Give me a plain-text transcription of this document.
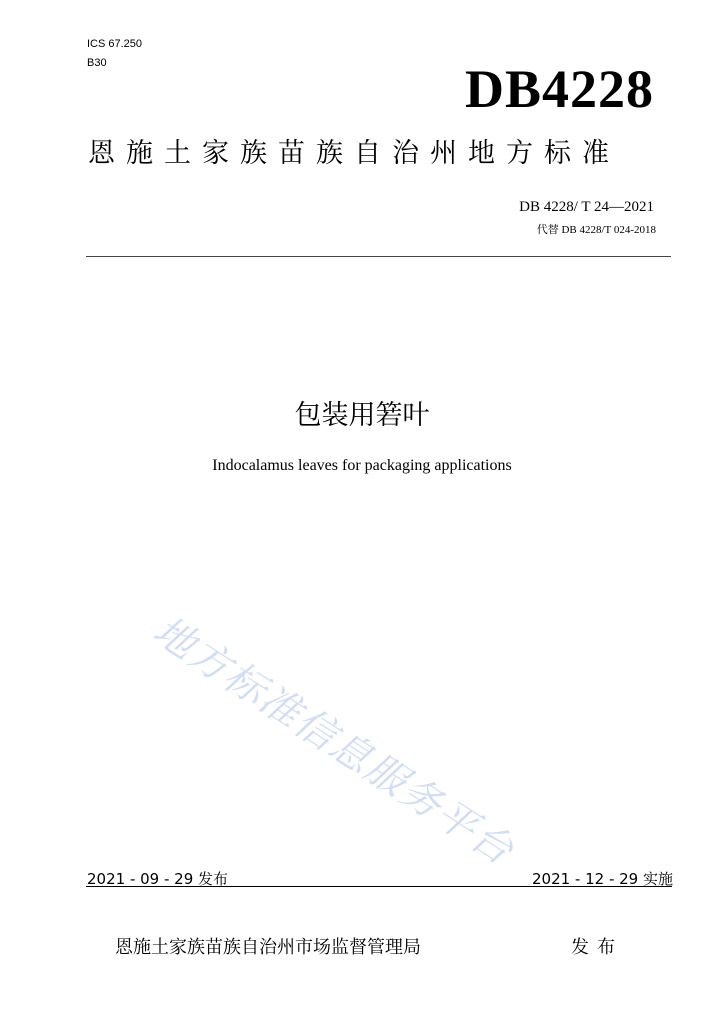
ICS 67.250
B30	DB4228
恩施土家族苗族自治州地方标准
DB 4228/ T 24—2021
代替 DB 4228/T 024-2018
包装用箬叶
Indocalamus leaves for packaging applications
地方标准信息服务平台
2021 - 09 - 29 发布	2021 - 12 - 29 实施
恩施土家族苗族自治州市场监督管理局	发布
